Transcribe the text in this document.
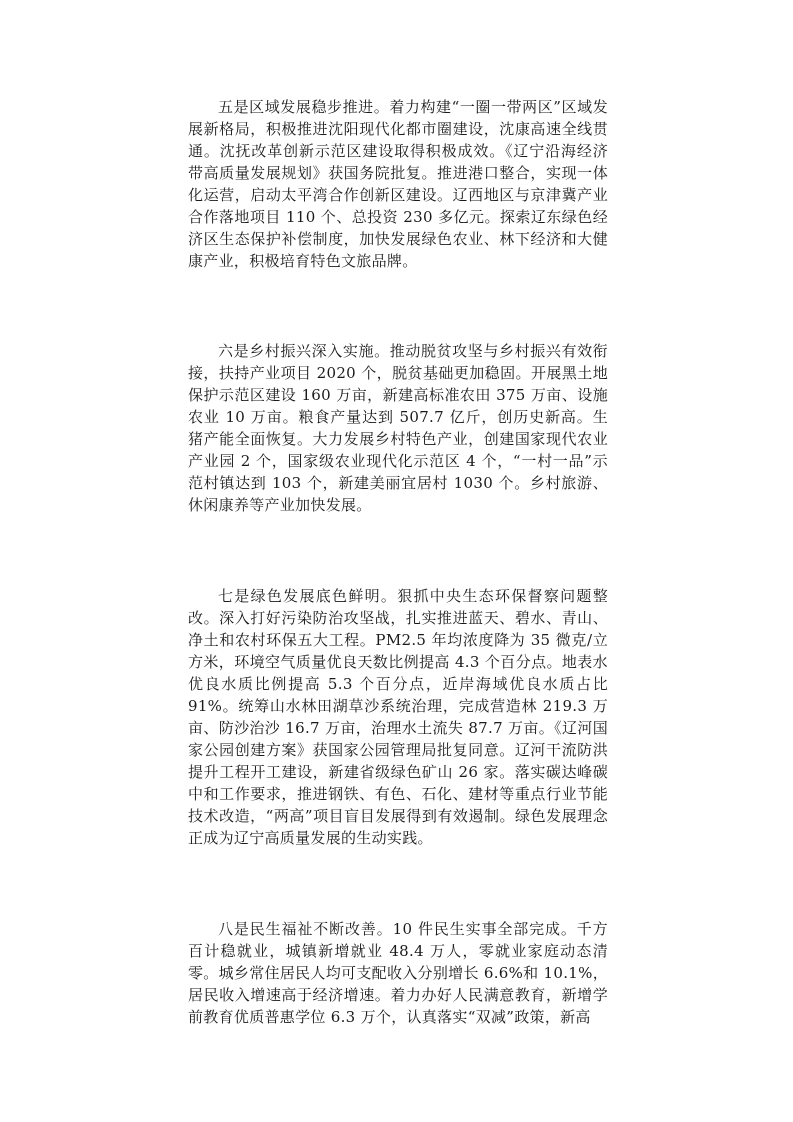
五是区域发展稳步推进。着力构建“一圈一带两区”区域发展新格局，积极推进沈阳现代化都市圈建设，沈康高速全线贯通。沈抚改革创新示范区建设取得积极成效。《辽宁沿海经济带高质量发展规划》获国务院批复。推进港口整合，实现一体化运营，启动太平湾合作创新区建设。辽西地区与京津冀产业合作落地项目 110 个、总投资 230 多亿元。探索辽东绿色经济区生态保护补偿制度，加快发展绿色农业、林下经济和大健康产业，积极培育特色文旅品牌。

六是乡村振兴深入实施。推动脱贫攻坚与乡村振兴有效衔接，扶持产业项目 2020 个，脱贫基础更加稳固。开展黑土地保护示范区建设 160 万亩，新建高标准农田 375 万亩、设施农业 10 万亩。粮食产量达到 507.7 亿斤，创历史新高。生猪产能全面恢复。大力发展乡村特色产业，创建国家现代农业产业园 2 个，国家级农业现代化示范区 4 个，“一村一品”示范村镇达到 103 个，新建美丽宜居村 1030 个。乡村旅游、休闲康养等产业加快发展。

七是绿色发展底色鲜明。狠抓中央生态环保督察问题整改。深入打好污染防治攻坚战，扎实推进蓝天、碧水、青山、净土和农村环保五大工程。PM2.5 年均浓度降为 35 微克/立方米，环境空气质量优良天数比例提高 4.3 个百分点。地表水优良水质比例提高 5.3 个百分点，近岸海域优良水质占比 91%。统筹山水林田湖草沙系统治理，完成营造林 219.3 万亩、防沙治沙 16.7 万亩，治理水土流失 87.7 万亩。《辽河国家公园创建方案》获国家公园管理局批复同意。辽河干流防洪提升工程开工建设，新建省级绿色矿山 26 家。落实碳达峰碳中和工作要求，推进钢铁、有色、石化、建材等重点行业节能技术改造，“两高”项目盲目发展得到有效遏制。绿色发展理念正成为辽宁高质量发展的生动实践。

八是民生福祉不断改善。10 件民生实事全部完成。千方百计稳就业，城镇新增就业 48.4 万人，零就业家庭动态清零。城乡常住居民人均可支配收入分别增长 6.6%和 10.1%，居民收入增速高于经济增速。着力办好人民满意教育，新增学前教育优质普惠学位 6.3 万个，认真落实“双减”政策，新高
